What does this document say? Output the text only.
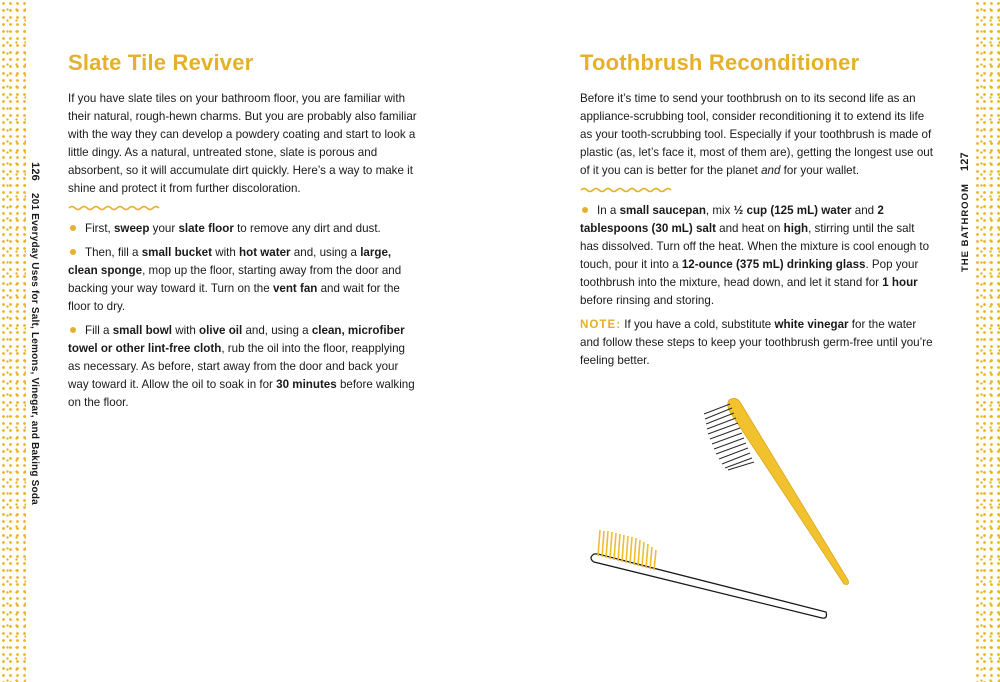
126
201 Everyday Uses for Salt, Lemons, Vinegar, and Baking Soda
127
THE BATHROOM
Slate Tile Reviver

If you have slate tiles on your bathroom floor, you are familiar with their natural, rough-hewn charms. But you are probably also familiar with the way they can develop a powdery coating and start to look a little dingy. As a natural, untreated stone, slate is porous and absorbent, so it will accumulate dirt quickly. Here’s a way to make it shine and protect it from further discoloration.

First, sweep your slate floor to remove any dirt and dust.

Then, fill a small bucket with hot water and, using a large, clean sponge, mop up the floor, starting away from the door and backing your way toward it. Turn on the vent fan and wait for the floor to dry.

Fill a small bowl with olive oil and, using a clean, microfiber towel or other lint-free cloth, rub the oil into the floor, reapplying as necessary. As before, start away from the door and back your way toward it. Allow the oil to soak in for 30 minutes before walking on the floor.

Toothbrush Reconditioner

Before it’s time to send your toothbrush on to its second life as an appliance-scrubbing tool, consider reconditioning it to extend its life as your tooth-scrubbing tool. Especially if your toothbrush is made of plastic (as, let’s face it, most of them are), getting the longest use out of it you can is better for the planet and for your wallet.

In a small saucepan, mix ½ cup (125 mL) water and 2 tablespoons (30 mL) salt and heat on high, stirring until the salt has dissolved. Turn off the heat. When the mixture is cool enough to touch, pour it into a 12-ounce (375 mL) drinking glass. Pop your toothbrush into the mixture, head down, and let it stand for 1 hour before rinsing and storing.

NOTE: If you have a cold, substitute white vinegar for the water and follow these steps to keep your toothbrush germ-free until you’re feeling better.
